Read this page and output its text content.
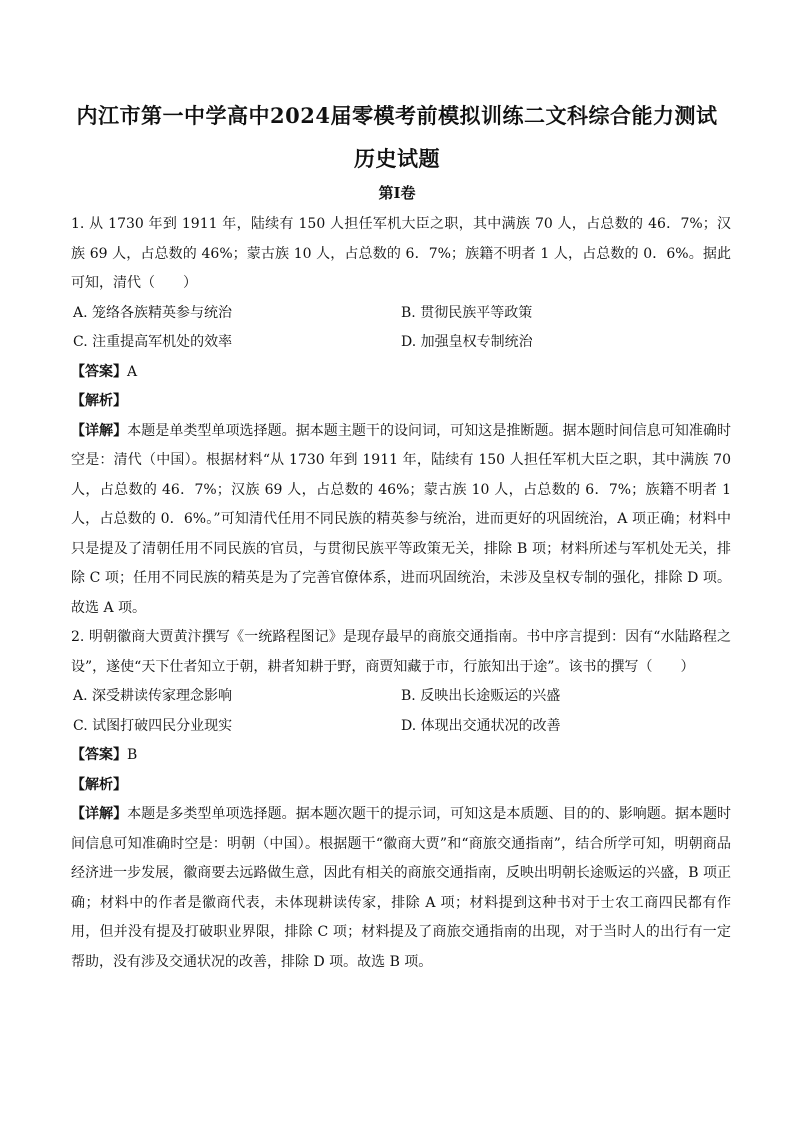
内江市第一中学高中2024届零模考前模拟训练二文科综合能力测试
历史试题
第Ⅰ卷

1. 从 1730 年到 1911 年，陆续有 150 人担任军机大臣之职，其中满族 70 人，占总数的 46．7%；汉族 69 人，占总数的 46%；蒙古族 10 人，占总数的 6．7%；族籍不明者 1 人，占总数的 0．6%。据此可知，清代（　　）

A. 笼络各族精英参与统治	B. 贯彻民族平等政策
C. 注重提高军机处的效率	D. 加强皇权专制统治

【答案】A

【解析】

【详解】本题是单类型单项选择题。据本题主题干的设问词，可知这是推断题。据本题时间信息可知准确时空是：清代（中国）。根据材料“从 1730 年到 1911 年，陆续有 150 人担任军机大臣之职，其中满族 70 人，占总数的 46．7%；汉族 69 人，占总数的 46%；蒙古族 10 人，占总数的 6．7%；族籍不明者 1 人，占总数的 0．6%。”可知清代任用不同民族的精英参与统治，进而更好的巩固统治，A 项正确；材料中只是提及了清朝任用不同民族的官员，与贯彻民族平等政策无关，排除 B 项；材料所述与军机处无关，排除 C 项；任用不同民族的精英是为了完善官僚体系，进而巩固统治，未涉及皇权专制的强化，排除 D 项。故选 A 项。

2. 明朝徽商大贾黄汴撰写《一统路程图记》是现存最早的商旅交通指南。书中序言提到：因有“水陆路程之设”，遂使“天下仕者知立于朝，耕者知耕于野，商贾知藏于市，行旅知出于途”。该书的撰写（　　）

A. 深受耕读传家理念影响	B. 反映出长途贩运的兴盛
C. 试图打破四民分业现实	D. 体现出交通状况的改善

【答案】B

【解析】

【详解】本题是多类型单项选择题。据本题次题干的提示词，可知这是本质题、目的的、影响题。据本题时间信息可知准确时空是：明朝（中国）。根据题干“徽商大贾”和“商旅交通指南”，结合所学可知，明朝商品经济进一步发展，徽商要去远路做生意，因此有相关的商旅交通指南，反映出明朝长途贩运的兴盛，B 项正确；材料中的作者是徽商代表，未体现耕读传家，排除 A 项；材料提到这种书对于士农工商四民都有作用，但并没有提及打破职业界限，排除 C 项；材料提及了商旅交通指南的出现，对于当时人的出行有一定帮助，没有涉及交通状况的改善，排除 D 项。故选 B 项。
